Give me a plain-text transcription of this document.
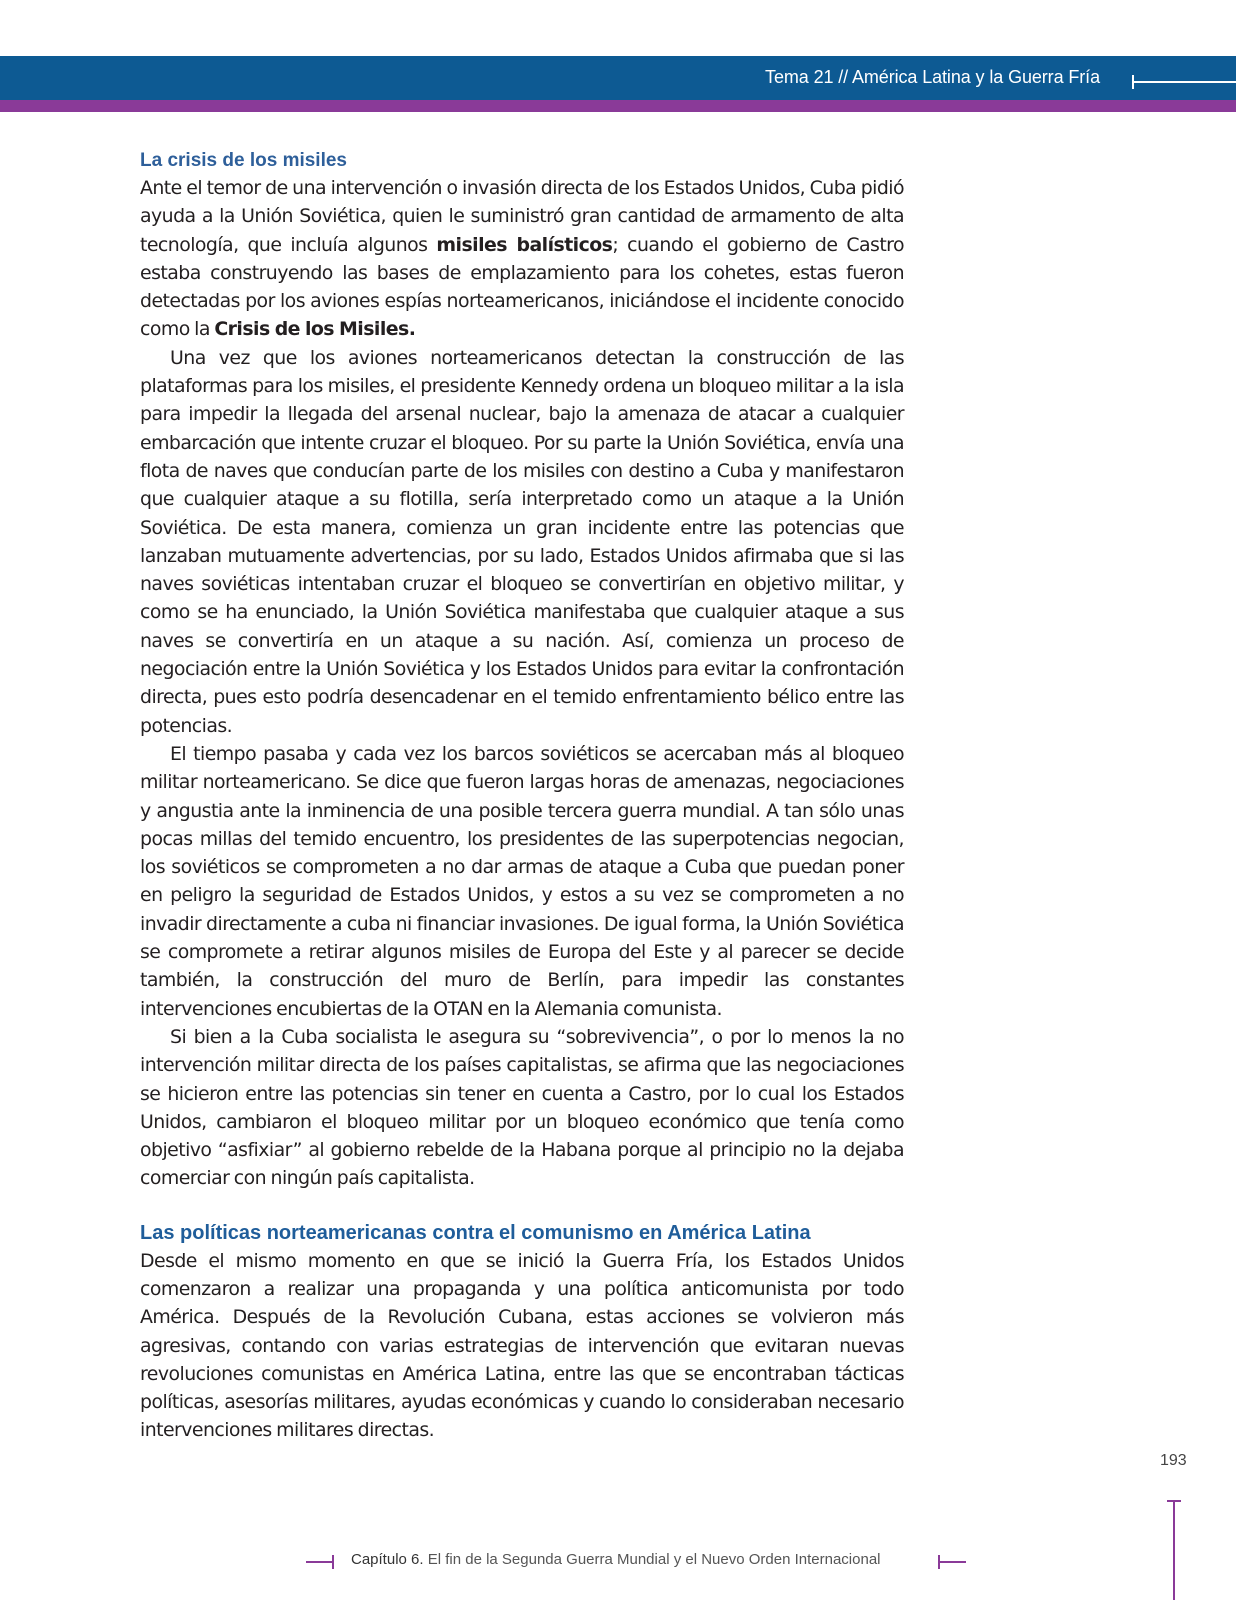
Tema 21 // América Latina y la Guerra Fría
La crisis de los misiles

Ante el temor de una intervención o invasión directa de los Estados Unidos, Cuba pidió ayuda a la Unión Soviética, quien le suministró gran cantidad de armamento de alta tecnología, que incluía algunos misiles balísticos; cuando el gobierno de Castro estaba construyendo las bases de emplazamiento para los cohetes, estas fueron detectadas por los aviones espías norteamericanos, iniciándose el incidente conocido como la Crisis de los Misiles.

Una vez que los aviones norteamericanos detectan la construcción de las plataformas para los misiles, el presidente Kennedy ordena un bloqueo militar a la isla para impedir la llegada del arsenal nuclear, bajo la amenaza de atacar a cualquier embarcación que intente cruzar el bloqueo. Por su parte la Unión Soviética, envía una flota de naves que conducían parte de los misiles con destino a Cuba y manifestaron que cualquier ataque a su flotilla, sería interpretado como un ataque a la Unión Soviética. De esta manera, comienza un gran incidente entre las potencias que lanzaban mutuamente advertencias, por su lado, Estados Unidos afirmaba que si las naves soviéticas intentaban cruzar el bloqueo se convertirían en objetivo militar, y como se ha enunciado, la Unión Soviética manifestaba que cualquier ataque a sus naves se convertiría en un ataque a su nación. Así, comienza un proceso de negociación entre la Unión Soviética y los Estados Unidos para evitar la confrontación directa, pues esto podría desencadenar en el temido enfrentamiento bélico entre las potencias.

El tiempo pasaba y cada vez los barcos soviéticos se acercaban más al bloqueo militar norteamericano. Se dice que fueron largas horas de amenazas, negociaciones y angustia ante la inminencia de una posible tercera guerra mundial. A tan sólo unas pocas millas del temido encuentro, los presidentes de las superpotencias negocian, los soviéticos se comprometen a no dar armas de ataque a Cuba que puedan poner en peligro la seguridad de Estados Unidos, y estos a su vez se comprometen a no invadir directamente a cuba ni financiar invasiones. De igual forma, la Unión Soviética se compromete a retirar algunos misiles de Europa del Este y al parecer se decide también, la construcción del muro de Berlín, para impedir las constantes intervenciones encubiertas de la OTAN en la Alemania comunista.

Si bien a la Cuba socialista le asegura su “sobrevivencia”, o por lo menos la no intervención militar directa de los países capitalistas, se afirma que las negociaciones se hicieron entre las potencias sin tener en cuenta a Castro, por lo cual los Estados Unidos, cambiaron el bloqueo militar por un bloqueo económico que tenía como objetivo “asfixiar” al gobierno rebelde de la Habana porque al principio no la dejaba comerciar con ningún país capitalista.

Las políticas norteamericanas contra el comunismo en América Latina

Desde el mismo momento en que se inició la Guerra Fría, los Estados Unidos comenzaron a realizar una propaganda y una política anticomunista por todo América. Después de la Revolución Cubana, estas acciones se volvieron más agresivas, contando con varias estrategias de intervención que evitaran nuevas revoluciones comunistas en América Latina, entre las que se encontraban tácticas políticas, asesorías militares, ayudas económicas y cuando lo consideraban necesario intervenciones militares directas.

193
Capítulo 6. El fin de la Segunda Guerra Mundial y el Nuevo Orden Internacional
